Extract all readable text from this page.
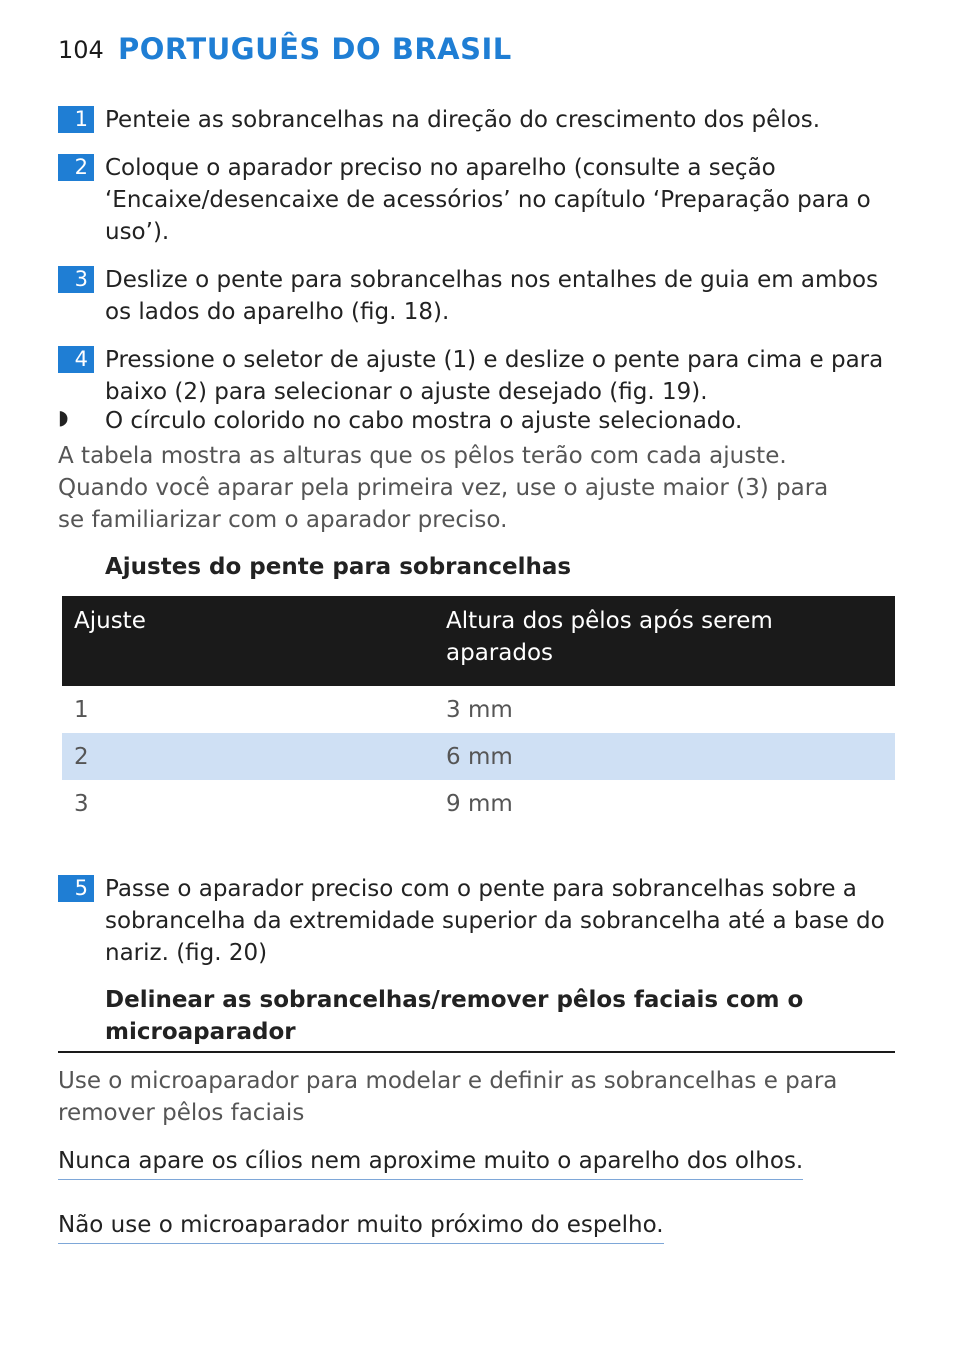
104 PORTUGUÊS DO BRASIL
1 Penteie as sobrancelhas na direção do crescimento dos pêlos.
2 Coloque o aparador preciso no aparelho (consulte a seção ‘Encaixe/desencaixe de acessórios’ no capítulo ‘Preparação para o uso’).
3 Deslize o pente para sobrancelhas nos entalhes de guia em ambos os lados do aparelho (fig. 18).
4 Pressione o seletor de ajuste (1) e deslize o pente para cima e para baixo (2) para selecionar o ajuste desejado (fig. 19).
◗ O círculo colorido no cabo mostra o ajuste selecionado.
A tabela mostra as alturas que os pêlos terão com cada ajuste. Quando você aparar pela primeira vez, use o ajuste maior (3) para se familiarizar com o aparador preciso.
Ajustes do pente para sobrancelhas
Ajuste	Altura dos pêlos após serem aparados
1	3 mm
2	6 mm
3	9 mm
5 Passe o aparador preciso com o pente para sobrancelhas sobre a sobrancelha da extremidade superior da sobrancelha até a base do nariz. (fig. 20)
Delinear as sobrancelhas/remover pêlos faciais com o microaparador
Use o microaparador para modelar e definir as sobrancelhas e para remover pêlos faciais
Nunca apare os cílios nem aproxime muito o aparelho dos olhos.
Não use o microaparador muito próximo do espelho.
